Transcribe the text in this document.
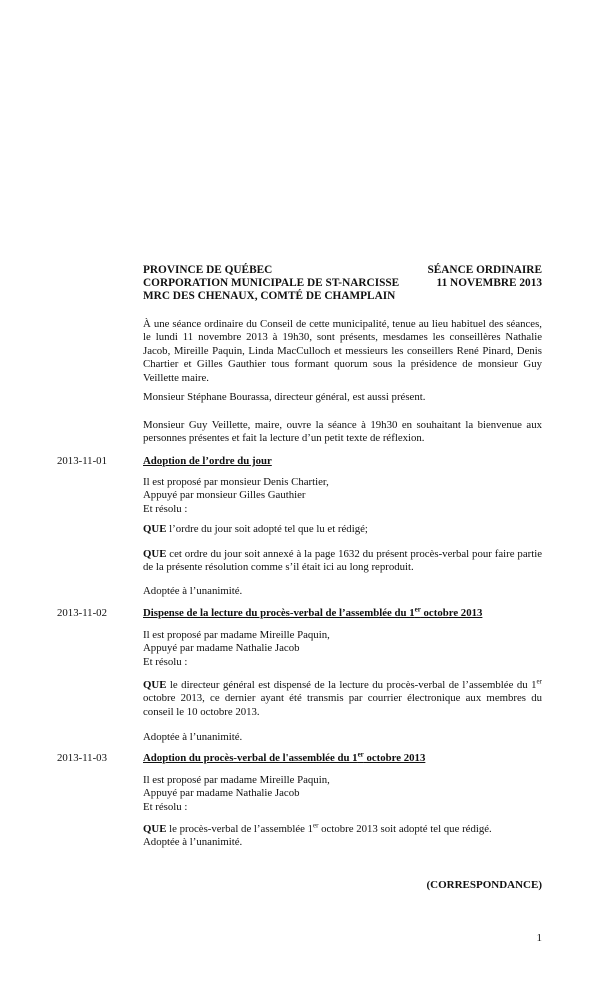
PROVINCE DE QUÉBEC	SÉANCE ORDINAIRE
CORPORATION MUNICIPALE DE ST-NARCISSE	11 NOVEMBRE 2013
MRC DES CHENAUX, COMTÉ DE CHAMPLAIN

À une séance ordinaire du Conseil de cette municipalité, tenue au lieu habituel des séances, le lundi 11 novembre 2013 à 19h30, sont présents, mesdames les conseillères Nathalie Jacob, Mireille Paquin, Linda MacCulloch et messieurs les conseillers René Pinard, Denis Chartier et Gilles Gauthier tous formant quorum sous la présidence de monsieur Guy Veillette maire.

Monsieur Stéphane Bourassa, directeur général, est aussi présent.

Monsieur Guy Veillette, maire, ouvre la séance à 19h30 en souhaitant la bienvenue aux personnes présentes et fait la lecture d’un petit texte de réflexion.

2013-11-01	Adoption de l’ordre du jour

Il est proposé par monsieur Denis Chartier,

Appuyé par monsieur Gilles Gauthier

Et résolu :

QUE l’ordre du jour soit adopté tel que lu et rédigé;

QUE cet ordre du jour soit annexé à la page 1632 du présent procès-verbal pour faire partie de la présente résolution comme s’il était ici au long reproduit.

Adoptée à l’unanimité.

2013-11-02	Dispense de la lecture du procès-verbal de l’assemblée du 1er octobre 2013

Il est proposé par madame Mireille Paquin,

Appuyé par madame Nathalie Jacob

Et résolu :

QUE le directeur général est dispensé de la lecture du procès-verbal de l’assemblée du 1er octobre 2013, ce dernier ayant été transmis par courrier électronique aux membres du conseil le 10 octobre 2013.

Adoptée à l’unanimité.

2013-11-03	Adoption du procès-verbal de l'assemblée du 1er octobre 2013

Il est proposé par madame Mireille Paquin,

Appuyé par madame Nathalie Jacob

Et résolu :

QUE le procès-verbal de l’assemblée 1er octobre 2013 soit adopté tel que rédigé.

Adoptée à l’unanimité.

(CORRESPONDANCE)
1
